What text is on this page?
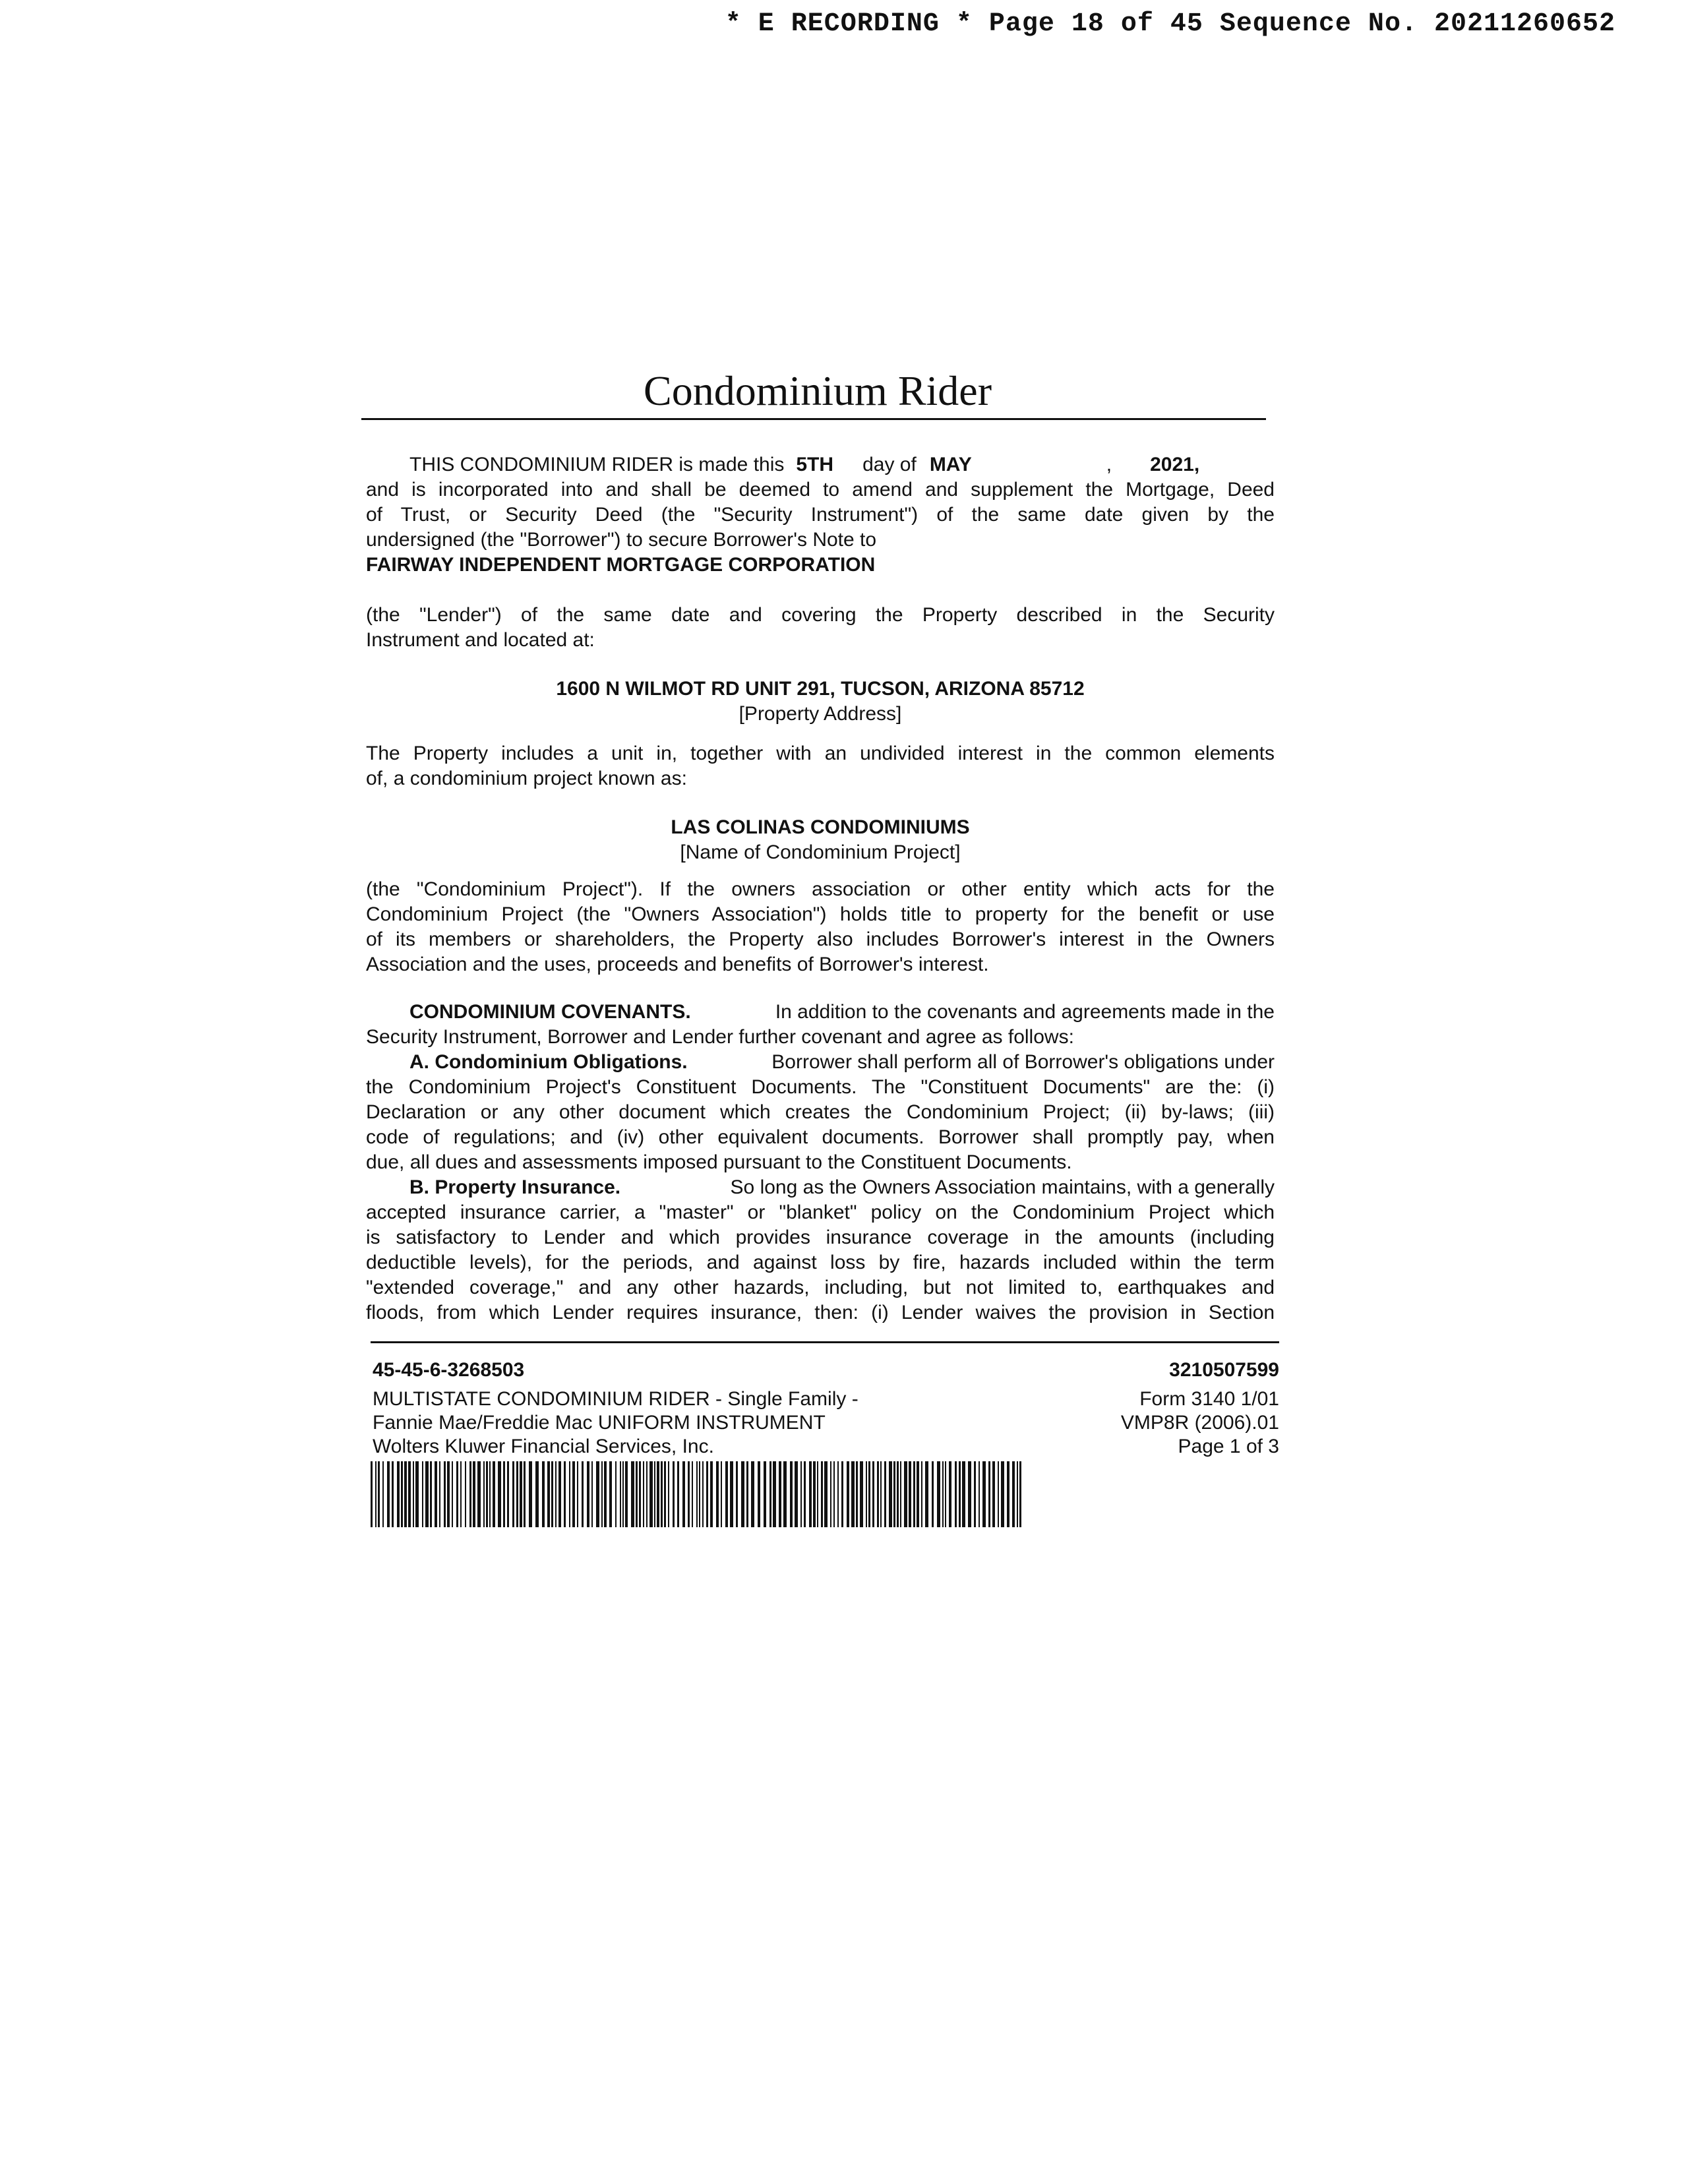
* E RECORDING * Page 18 of 45 Sequence No. 20211260652
Condominium Rider
THIS CONDOMINIUM RIDER is made this 5TH day of MAY	, 2021,
and is incorporated into and shall be deemed to amend and supplement the Mortgage, Deed
of Trust, or Security Deed (the "Security Instrument") of the same date given by the
undersigned (the "Borrower") to secure Borrower's Note to
FAIRWAY INDEPENDENT MORTGAGE CORPORATION
(the "Lender") of the same date and covering the Property described in the Security
Instrument and located at:
1600 N WILMOT RD UNIT 291, TUCSON, ARIZONA 85712
[Property Address]
The Property includes a unit in, together with an undivided interest in the common elements
of, a condominium project known as:
LAS COLINAS CONDOMINIUMS
[Name of Condominium Project]
(the "Condominium Project"). If the owners association or other entity which acts for the
Condominium Project (the "Owners Association") holds title to property for the benefit or use
of its members or shareholders, the Property also includes Borrower's interest in the Owners
Association and the uses, proceeds and benefits of Borrower's interest.
CONDOMINIUM COVENANTS.	In addition to the covenants and agreements made in the
Security Instrument, Borrower and Lender further covenant and agree as follows:
A. Condominium Obligations.	Borrower shall perform all of Borrower's obligations under
the Condominium Project's Constituent Documents. The "Constituent Documents" are the: (i)
Declaration or any other document which creates the Condominium Project; (ii) by-laws; (iii)
code of regulations; and (iv) other equivalent documents. Borrower shall promptly pay, when
due, all dues and assessments imposed pursuant to the Constituent Documents.
B. Property Insurance.	So long as the Owners Association maintains, with a generally
accepted insurance carrier, a "master" or "blanket" policy on the Condominium Project which
is satisfactory to Lender and which provides insurance coverage in the amounts (including
deductible levels), for the periods, and against loss by fire, hazards included within the term
"extended coverage," and any other hazards, including, but not limited to, earthquakes and
floods, from which Lender requires insurance, then: (i) Lender waives the provision in Section
45-45-6-3268503
MULTISTATE CONDOMINIUM RIDER - Single Family -
Fannie Mae/Freddie Mac UNIFORM INSTRUMENT
Wolters Kluwer Financial Services, Inc.
3210507599
Form 3140 1/01
VMP8R (2006).01
Page 1 of 3
